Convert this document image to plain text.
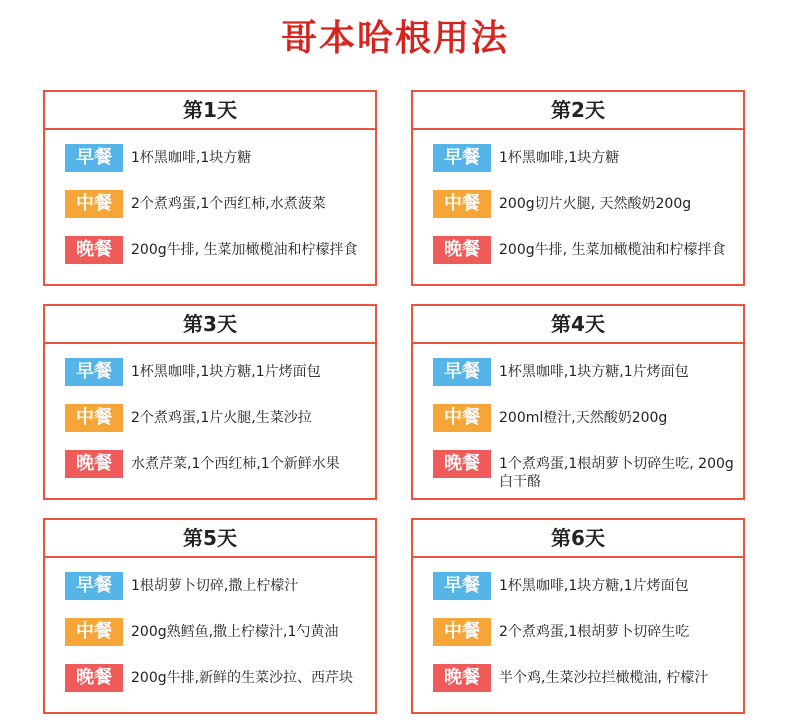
哥本哈根用法
第1天
早餐	1杯黑咖啡,1块方糖
中餐	2个煮鸡蛋,1个西红柿,水煮菠菜
晚餐	200g牛排, 生菜加橄榄油和柠檬拌食
第2天
早餐	1杯黑咖啡,1块方糖
中餐	200g切片火腿, 天然酸奶200g
晚餐	200g牛排, 生菜加橄榄油和柠檬拌食
第3天
早餐	1杯黑咖啡,1块方糖,1片烤面包
中餐	2个煮鸡蛋,1片火腿,生菜沙拉
晚餐	水煮芹菜,1个西红柿,1个新鲜水果
第4天
早餐	1杯黑咖啡,1块方糖,1片烤面包
中餐	200ml橙汁,天然酸奶200g
晚餐	1个煮鸡蛋,1根胡萝卜切碎生吃, 200g白干酪
第5天
早餐	1根胡萝卜切碎,撒上柠檬汁
中餐	200g熟鳕鱼,撒上柠檬汁,1勺黄油
晚餐	200g牛排,新鲜的生菜沙拉、西芹块
第6天
早餐	1杯黑咖啡,1块方糖,1片烤面包
中餐	2个煮鸡蛋,1根胡萝卜切碎生吃
晚餐	半个鸡,生菜沙拉拦橄榄油, 柠檬汁
